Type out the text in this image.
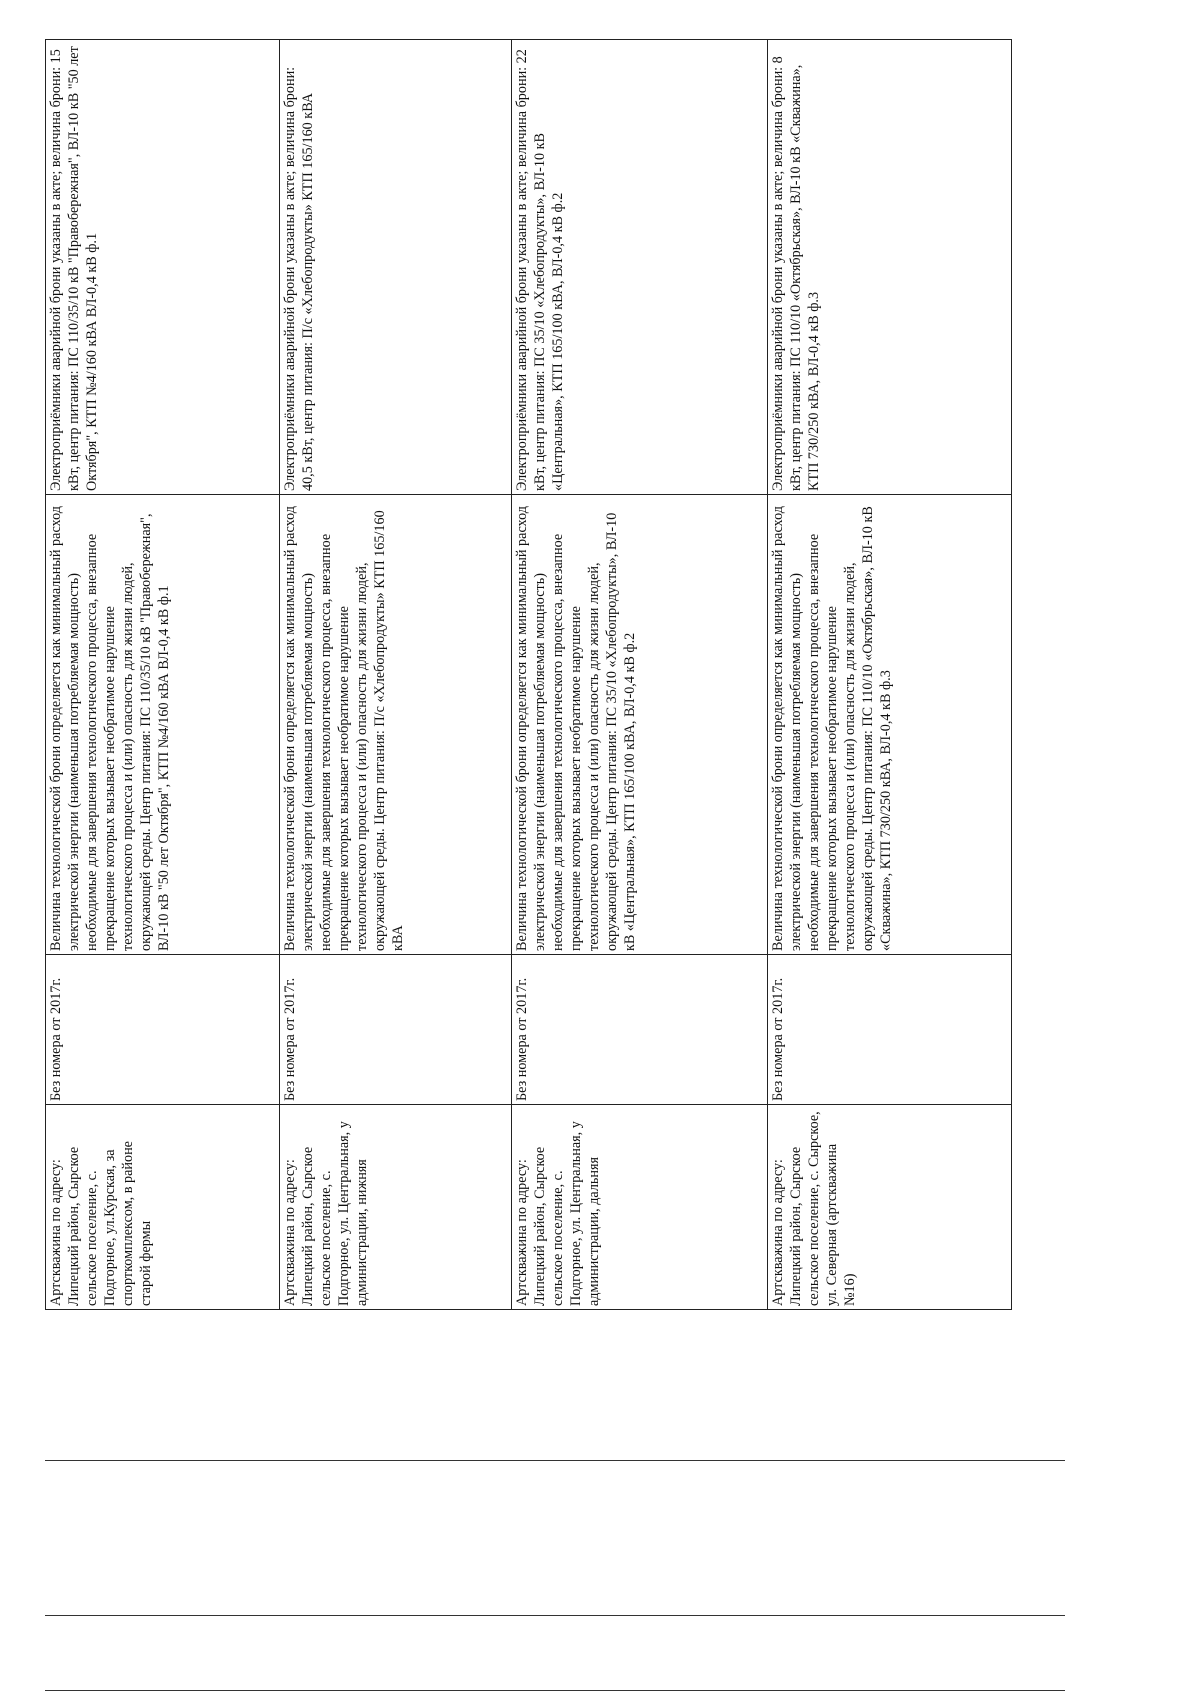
Артскважина по адресу: Липецкий район, Сырское сельское поселение, с. Подгорное, ул.Курская, за спорткомплексом, в районе старой фермы	Без номера от 2017г.	Величина технологической брони определяется как минимальный расход электрической энергии (наименьшая потребляемая мощность) необходимые для завершения технологического процесса, внезапное прекращение которых вызывает необратимое нарушение технологического процесса и (или) опасность для жизни людей, окружающей среды. Центр питания: ПС 110/35/10 кВ "Правобережная", ВЛ-10 кВ "50 лет Октября", КТП №4/160 кВА ВЛ-0,4 кВ ф.1	Электроприёмники аварийной брони указаны в акте; величина брони: 15 кВт, центр питания: ПС 110/35/10 кВ "Правобережная", ВЛ-10 кВ "50 лет Октября", КТП №4/160 кВА ВЛ-0,4 кВ ф.1
Артскважина по адресу: Липецкий район, Сырское сельское поселение, с. Подгорное, ул. Центральная, у администрации, нижняя	Без номера от 2017г.	Величина технологической брони определяется как минимальный расход электрической энергии (наименьшая потребляемая мощность) необходимые для завершения технологического процесса, внезапное прекращение которых вызывает необратимое нарушение технологического процесса и (или) опасность для жизни людей, окружающей среды. Центр питания: П/с «Хлебопродукты» КТП 165/160 кВА	Электроприёмники аварийной брони указаны в акте; величина брони: 40,5 кВт, центр питания: П/с «Хлебопродукты» КТП 165/160 кВА
Артскважина по адресу: Липецкий район, Сырское сельское поселение, с. Подгорное, ул. Центральная, у администрации, дальняя	Без номера от 2017г.	Величина технологической брони определяется как минимальный расход электрической энергии (наименьшая потребляемая мощность) необходимые для завершения технологического процесса, внезапное прекращение которых вызывает необратимое нарушение технологического процесса и (или) опасность для жизни людей, окружающей среды. Центр питания: ПС 35/10 «Хлебопродукты», ВЛ-10 кВ «Центральная», КТП 165/100 кВА, ВЛ-0,4 кВ ф.2	Электроприёмники аварийной брони указаны в акте; величина брони: 22 кВт, центр питания: ПС 35/10 «Хлебопродукты», ВЛ-10 кВ «Центральная», КТП 165/100 кВА, ВЛ-0,4 кВ ф.2
Артскважина по адресу: Липецкий район, Сырское сельское поселение, с. Сырское, ул. Северная (артскважина №16)	Без номера от 2017г.	Величина технологической брони определяется как минимальный расход электрической энергии (наименьшая потребляемая мощность) необходимые для завершения технологического процесса, внезапное прекращение которых вызывает необратимое нарушение технологического процесса и (или) опасность для жизни людей, окружающей среды. Центр питания: ПС 110/10 «Октябрьская», ВЛ-10 кВ «Скважина», КТП 730/250 кВА, ВЛ-0,4 кВ ф.3	Электроприёмники аварийной брони указаны в акте; величина брони: 8 кВт, центр питания: ПС 110/10 «Октябрьская», ВЛ-10 кВ «Скважина», КТП 730/250 кВА, ВЛ-0,4 кВ ф.3
